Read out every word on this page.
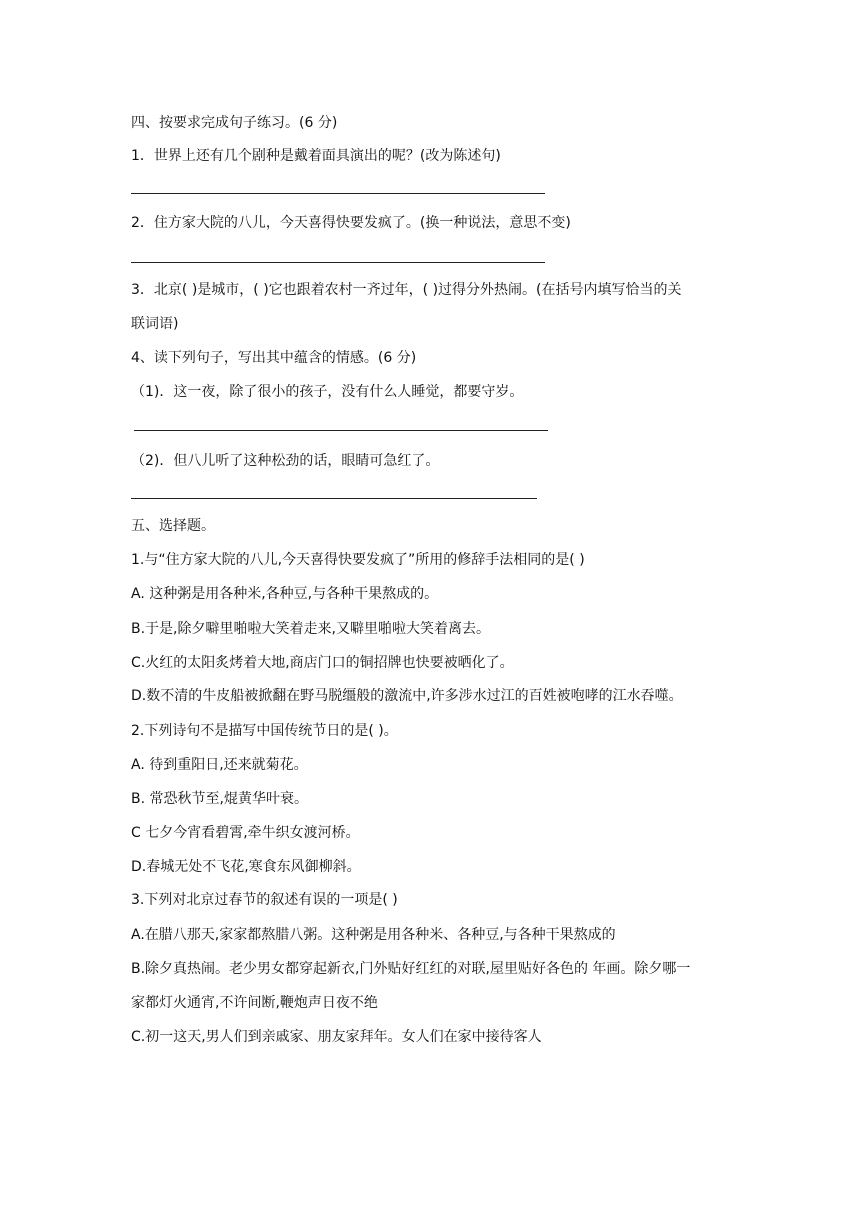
四、按要求完成句子练习。(6 分)
1．世界上还有几个剧种是戴着面具演出的呢？(改为陈述句)
2．住方家大院的八儿，今天喜得快要发疯了。(换一种说法，意思不变)
3．北京( )是城市，( )它也跟着农村一齐过年，( )过得分外热闹。(在括号内填写恰当的关
联词语)
4、读下列句子，写出其中蕴含的情感。(6 分)
（1)．这一夜，除了很小的孩子，没有什么人睡觉，都要守岁。
（2)．但八儿听了这种松劲的话，眼睛可急红了。
五、选择题。
1.与“住方家大院的八儿,今天喜得快要发疯了”所用的修辞手法相同的是( )
A. 这种粥是用各种米,各种豆,与各种干果熬成的。
B.于是,除夕噼里啪啦大笑着走来,又噼里啪啦大笑着离去。
C.火红的太阳炙烤着大地,商店门口的铜招牌也快要被晒化了。
D.数不清的牛皮船被掀翻在野马脱缰般的激流中,许多涉水过江的百姓被咆哮的江水吞噬。
2.下列诗句不是描写中国传统节日的是( )。
A. 待到重阳日,还来就菊花。
B. 常恐秋节至,焜黄华叶衰。
C 七夕今宵看碧霄,牵牛织女渡河桥。
D.春城无处不飞花,寒食东风御柳斜。
3.下列对北京过春节的叙述有误的一项是( )
A.在腊八那天,家家都熬腊八粥。这种粥是用各种米、各种豆,与各种干果熬成的
B.除夕真热闹。老少男女都穿起新衣,门外贴好红红的对联,屋里贴好各色的 年画。除夕哪一
家都灯火通宵,不许间断,鞭炮声日夜不绝
C.初一这天,男人们到亲戚家、朋友家拜年。女人们在家中接待客人
